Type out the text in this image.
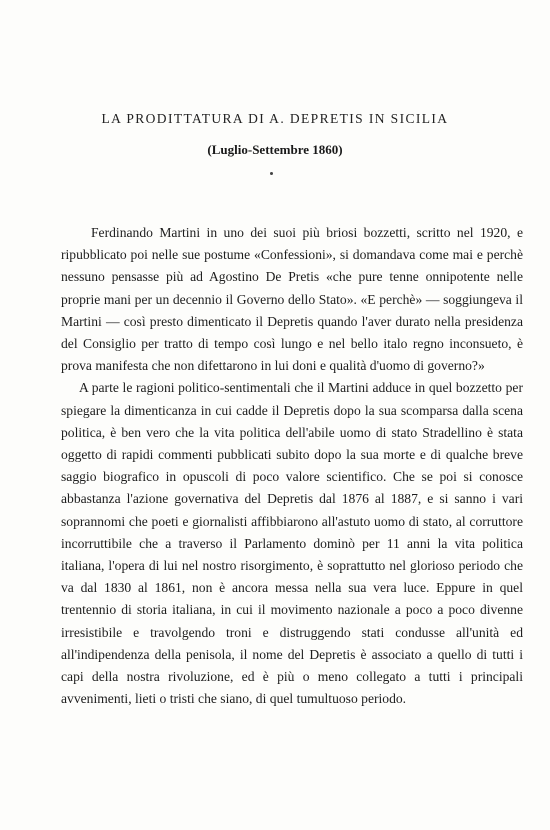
LA PRODITTATURA DI A. DEPRETIS IN SICILIA
(Luglio-Settembre 1860)

Ferdinando Martini in uno dei suoi più briosi bozzetti, scritto nel 1920, e ripubblicato poi nelle sue postume «Confessioni», si domandava come mai e perchè nessuno pensasse più ad Agostino De Pretis «che pure tenne onnipotente nelle proprie mani per un decennio il Governo dello Stato». «E perchè» — soggiungeva il Martini — così presto dimenticato il Depretis quando l'aver durato nella presidenza del Consiglio per tratto di tempo così lungo e nel bello italo regno inconsueto, è prova manifesta che non difettarono in lui doni e qualità d'uomo di governo?»

A parte le ragioni politico-sentimentali che il Martini adduce in quel bozzetto per spiegare la dimenticanza in cui cadde il Depretis dopo la sua scomparsa dalla scena politica, è ben vero che la vita politica dell'abile uomo di stato Stradellino è stata oggetto di rapidi commenti pubblicati subito dopo la sua morte e di qualche breve saggio biografico in opuscoli di poco valore scientifico. Che se poi si conosce abbastanza l'azione governativa del Depretis dal 1876 al 1887, e si sanno i vari soprannomi che poeti e giornalisti affibbiarono all'astuto uomo di stato, al corruttore incorruttibile che a traverso il Parlamento dominò per 11 anni la vita politica italiana, l'opera di lui nel nostro risorgimento, è soprattutto nel glorioso periodo che va dal 1830 al 1861, non è ancora messa nella sua vera luce. Eppure in quel trentennio di storia italiana, in cui il movimento nazionale a poco a poco divenne irresistibile e travolgendo troni e distruggendo stati condusse all'unità ed all'indipendenza della penisola, il nome del Depretis è associato a quello di tutti i capi della nostra rivoluzione, ed è più o meno collegato a tutti i principali avvenimenti, lieti o tristi che siano, di quel tumultuoso periodo.
